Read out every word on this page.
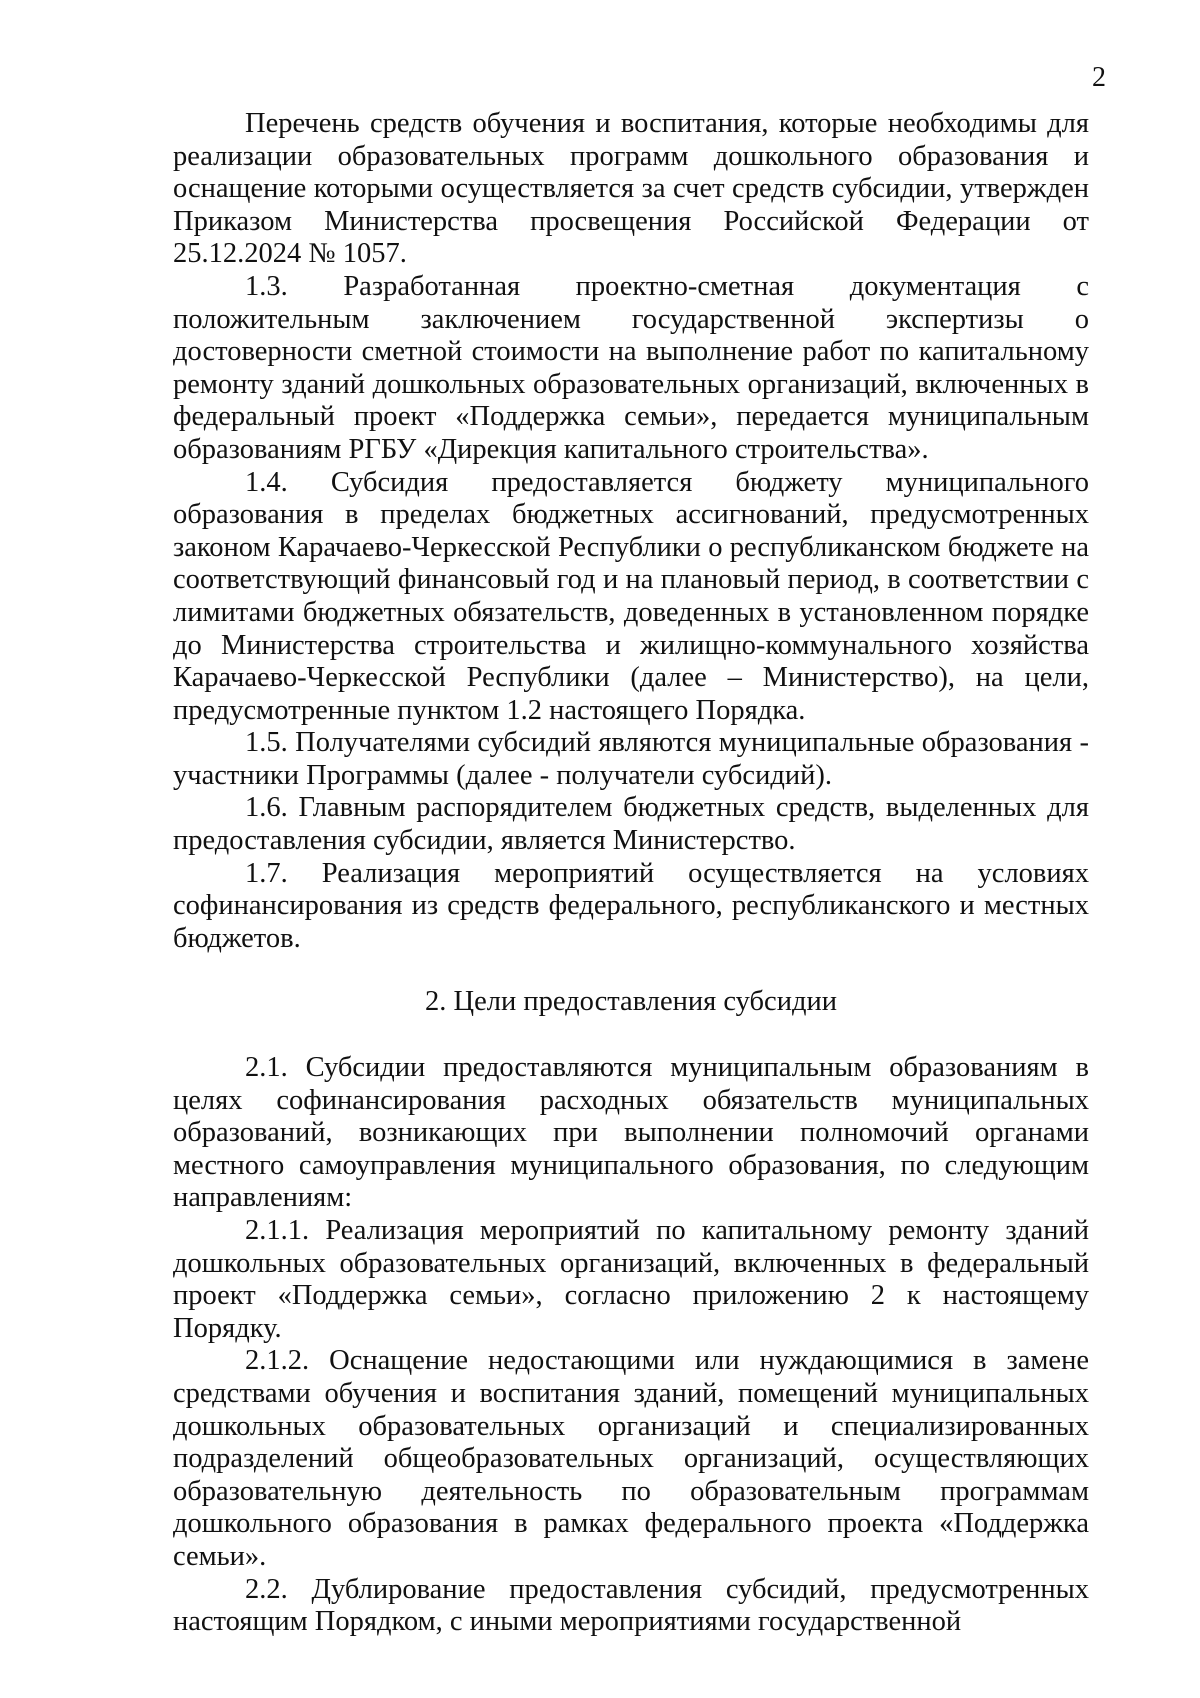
2

Перечень средств обучения и воспитания, которые необходимы для реализации образовательных программ дошкольного образования и оснащение которыми осуществляется за счет средств субсидии, утвержден Приказом Министерства просвещения Российской Федерации от 25.12.2024 № 1057.

1.3. Разработанная проектно-сметная документация с положительным заключением государственной экспертизы о достоверности сметной стоимости на выполнение работ по капитальному ремонту зданий дошкольных образовательных организаций, включенных в федеральный проект «Поддержка семьи», передается муниципальным образованиям РГБУ «Дирекция капитального строительства».

1.4. Субсидия предоставляется бюджету муниципального образования в пределах бюджетных ассигнований, предусмотренных законом Карачаево-Черкесской Республики о республиканском бюджете на соответствующий финансовый год и на плановый период, в соответствии с лимитами бюджетных обязательств, доведенных в установленном порядке до Министерства строительства и жилищно-коммунального хозяйства Карачаево-Черкесской Республики (далее – Министерство), на цели, предусмотренные пунктом 1.2 настоящего Порядка.

1.5. Получателями субсидий являются муниципальные образования - участники Программы (далее - получатели субсидий).

1.6. Главным распорядителем бюджетных средств, выделенных для предоставления субсидии, является Министерство.

1.7. Реализация мероприятий осуществляется на условиях софинансирования из средств федерального, республиканского и местных бюджетов.

2. Цели предоставления субсидии

2.1. Субсидии предоставляются муниципальным образованиям в целях софинансирования расходных обязательств муниципальных образований, возникающих при выполнении полномочий органами местного самоуправления муниципального образования, по следующим направлениям:

2.1.1. Реализация мероприятий по капитальному ремонту зданий дошкольных образовательных организаций, включенных в федеральный проект «Поддержка семьи», согласно приложению 2 к настоящему Порядку.

2.1.2. Оснащение недостающими или нуждающимися в замене средствами обучения и воспитания зданий, помещений муниципальных дошкольных образовательных организаций и специализированных подразделений общеобразовательных организаций, осуществляющих образовательную деятельность по образовательным программам дошкольного образования в рамках федерального проекта «Поддержка семьи».

2.2. Дублирование предоставления субсидий, предусмотренных настоящим Порядком, с иными мероприятиями государственной
